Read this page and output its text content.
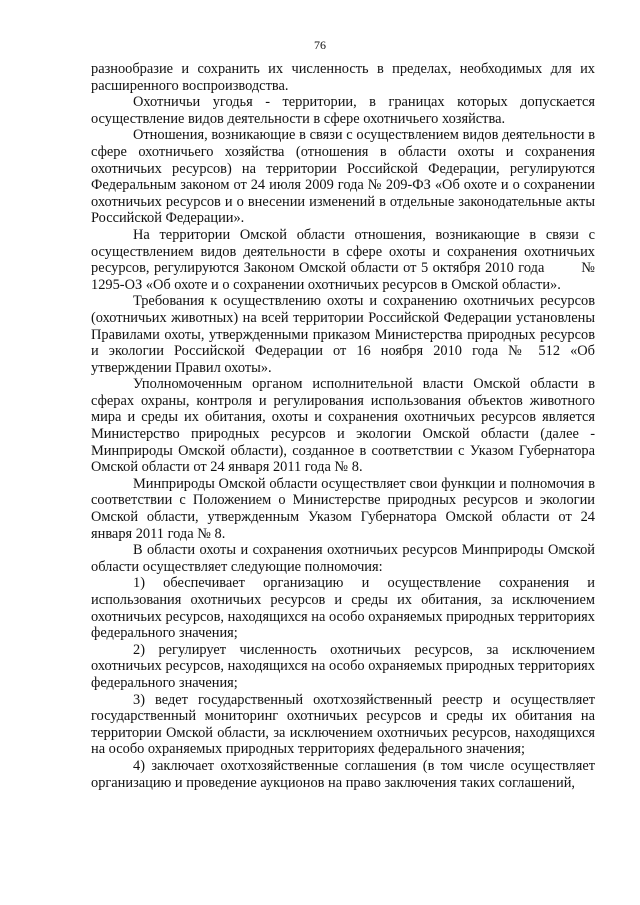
76

разнообразие и сохранить их численность в пределах, необходимых для их расширенного воспроизводства.

Охотничьи угодья - территории, в границах которых допускается осуществление видов деятельности в сфере охотничьего хозяйства.

Отношения, возникающие в связи с осуществлением видов деятельности в сфере охотничьего хозяйства (отношения в области охоты и сохранения охотничьих ресурсов) на территории Российской Федерации, регулируются Федеральным законом от 24 июля 2009 года № 209-ФЗ «Об охоте и о сохранении охотничьих ресурсов и о внесении изменений в отдельные законодательные акты Российской Федерации».

На территории Омской области отношения, возникающие в связи с осуществлением видов деятельности в сфере охоты и сохранения охотничьих ресурсов, регулируются Законом Омской области от 5 октября 2010 года	№ 1295-ОЗ «Об охоте и о сохранении охотничьих ресурсов в Омской области».

Требования к осуществлению охоты и сохранению охотничьих ресурсов (охотничьих животных) на всей территории Российской Федерации установлены Правилами охоты, утвержденными приказом Министерства природных ресурсов и экологии Российской Федерации от 16 ноября 2010 года № 512 «Об утверждении Правил охоты».

Уполномоченным органом исполнительной власти Омской области в сферах охраны, контроля и регулирования использования объектов животного мира и среды их обитания, охоты и сохранения охотничьих ресурсов является Министерство природных ресурсов и экологии Омской области (далее - Минприроды Омской области), созданное в соответствии с Указом Губернатора Омской области от 24 января 2011 года № 8.

Минприроды Омской области осуществляет свои функции и полномочия в соответствии с Положением о Министерстве природных ресурсов и экологии Омской области, утвержденным Указом Губернатора Омской области от 24 января 2011 года № 8.

В области охоты и сохранения охотничьих ресурсов Минприроды Омской области осуществляет следующие полномочия:

1) обеспечивает организацию и осуществление сохранения и использования охотничьих ресурсов и среды их обитания, за исключением охотничьих ресурсов, находящихся на особо охраняемых природных территориях федерального значения;

2) регулирует численность охотничьих ресурсов, за исключением охотничьих ресурсов, находящихся на особо охраняемых природных территориях федерального значения;

3) ведет государственный охотхозяйственный реестр и осуществляет государственный мониторинг охотничьих ресурсов и среды их обитания на территории Омской области, за исключением охотничьих ресурсов, находящихся на особо охраняемых природных территориях федерального значения;

4) заключает охотхозяйственные соглашения (в том числе осуществляет организацию и проведение аукционов на право заключения таких соглашений,
